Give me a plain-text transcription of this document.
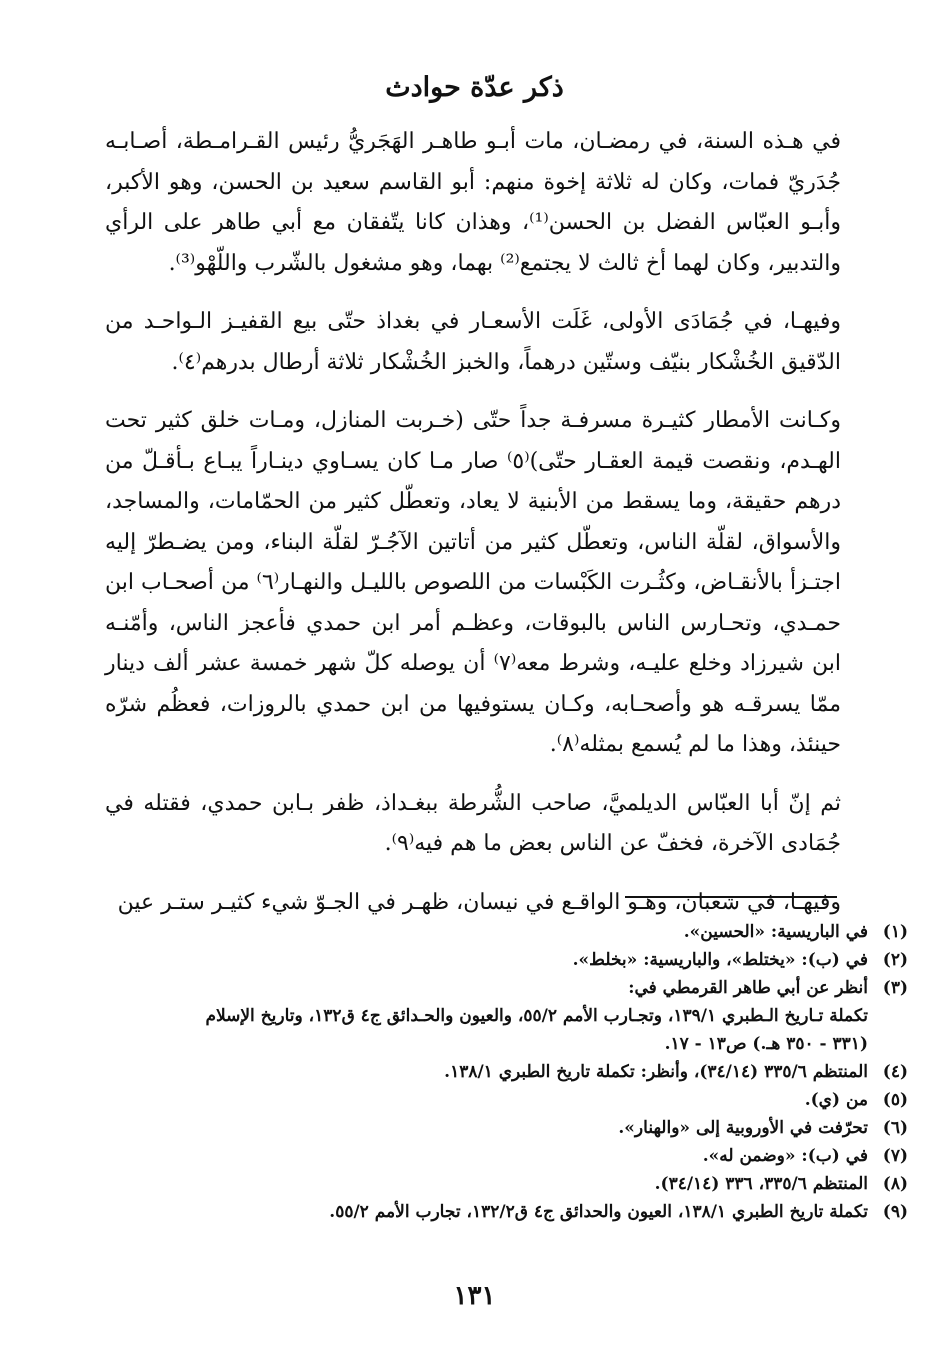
ذكر عدّة حوادث

في هـذه السنة، في رمضـان، مات أبـو طاهـر الهَجَريُّ رئيس القـرامـطة، أصـابـه جُدَريّ فمات، وكان له ثلاثة إخوة منهم: أبو القاسم سعيد بن الحسن، وهو الأكبر، وأبـو العبّاس الفضل بن الحسن⁽¹⁾، وهذان كانا يتّفقان مع أبي طاهر على الرأي والتدبير، وكان لهما أخ ثالث لا يجتمع⁽²⁾ بهما، وهو مشغول بالشّرب واللّهْو⁽³⁾.

وفيهـا، في جُمَادَى الأولى، غَلَت الأسعـار في بغداذ حتّى بيع القفيـز الـواحـد من الدّقيق الخُشْكار بنيّف وستّين درهماً، والخبز الخُشْكار ثلاثة أرطال بدرهم⁽٤⁾.

وكـانت الأمطار كثيـرة مسرفـة جداً حتّى (خـربت المنازل، ومـات خلق كثير تحت الهـدم، ونقصت قيمة العقـار حتّى)⁽٥⁾ صار مـا كان يسـاوي دينـاراً يبـاع بـأقـلّ من درهم حقيقة، وما يسقط من الأبنية لا يعاد، وتعطّل كثير من الحمّامات، والمساجد، والأسواق، لقلّة الناس، وتعطّل كثير من أتاتين الآجُـرّ لقلّة البناء، ومن يضـطرّ إليه اجتـزأ بالأنقـاض، وكثُـرت الكَبْسات من اللصوص بالليـل والنهـار⁽٦⁾ من أصحـاب ابن حمـدي، وتحـارس الناس بالبوقات، وعظـم أمر ابن حمدي فأعجز الناس، وأمّنـه ابن شيرزاد وخلع عليـه، وشرط معه⁽٧⁾ أن يوصله كلّ شهر خمسة عشر ألف دينار ممّا يسرقـه هو وأصحـابه، وكـان يستوفيها من ابن حمدي بالروزات، فعظُم شرّه حينئذ، وهذا ما لم يُسمع بمثله⁽٨⁾.

ثم إنّ أبا العبّاس الديلميَّ، صاحب الشُّرطة ببغـداذ، ظفر بـابن حمدي، فقتله في جُمَادى الآخرة، فخفّ عن الناس بعض ما هم فيه⁽٩⁾.

وفيهـا، في شعبان، وهـو الواقـع في نيسان، ظهـر في الجـوّ شيء كثيـر ستـر عين

(١)
في الباريسية: «الحسين».
(٢)
في (ب): «يختلط»، والباريسية: «بخلط».
(٣)
أنظر عن أبي طاهر القرمطي في:
تكملة تـاريخ الـطبري ١٣٩/١، وتجـارب الأمم ٥٥/٢، والعيون والحـدائق ج٤ ق١٣٢، وتاريخ الإسلام
(٣٣١ - ٣٥٠ هـ.) ص١٣ - ١٧.
(٤)
المنتظم ٣٣٥/٦ (٣٤/١٤)، وأنظر: تكملة تاريخ الطبري ١٣٨/١.
(٥)
من (ي).
(٦)
تحرّفت في الأوروبية إلى «والهنار».
(٧)
في (ب): «وضمن له».
(٨)
المنتظم ٣٣٥/٦، ٣٣٦ (٣٤/١٤).
(٩)
تكملة تاريخ الطبري ١٣٨/١، العيون والحدائق ج٤ ق١٣٢/٢، تجارب الأمم ٥٥/٢.
١٣١
